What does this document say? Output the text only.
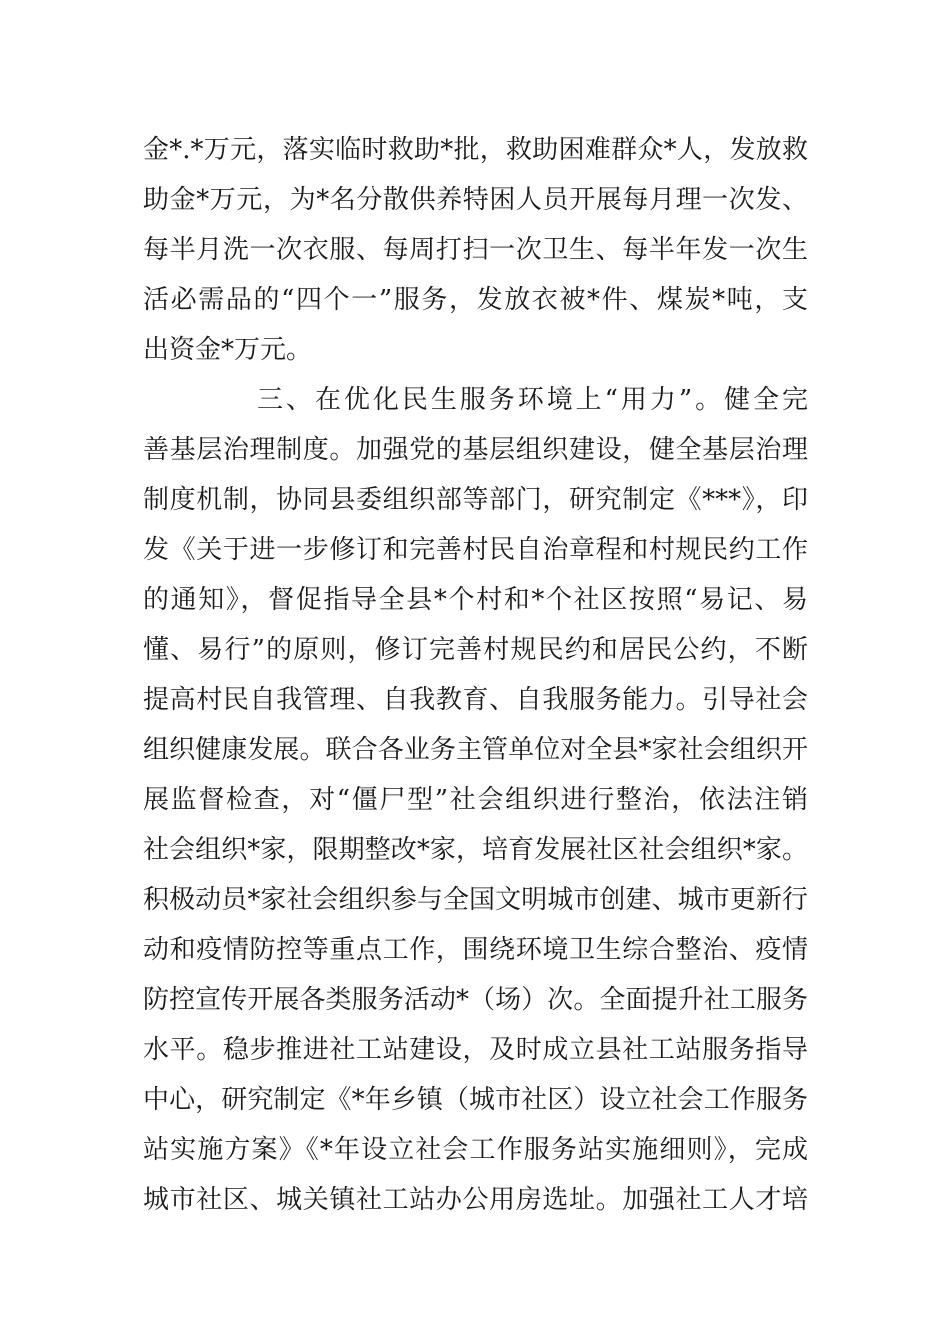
金*.*万元，落实临时救助*批，救助困难群众*人，发放救
助金*万元，为*名分散供养特困人员开展每月理一次发、
每半月洗一次衣服、每周打扫一次卫生、每半年发一次生
活必需品的“四个一”服务，发放衣被*件、煤炭*吨，支
出资金*万元。
三、在优化民生服务环境上“用力”。健全完
善基层治理制度。加强党的基层组织建设，健全基层治理
制度机制，协同县委组织部等部门，研究制定《***》，印
发《关于进一步修订和完善村民自治章程和村规民约工作
的通知》，督促指导全县*个村和*个社区按照“易记、易
懂、易行”的原则，修订完善村规民约和居民公约，不断
提高村民自我管理、自我教育、自我服务能力。引导社会
组织健康发展。联合各业务主管单位对全县*家社会组织开
展监督检查，对“僵尸型”社会组织进行整治，依法注销
社会组织*家，限期整改*家，培育发展社区社会组织*家。
积极动员*家社会组织参与全国文明城市创建、城市更新行
动和疫情防控等重点工作，围绕环境卫生综合整治、疫情
防控宣传开展各类服务活动*（场）次。全面提升社工服务
水平。稳步推进社工站建设，及时成立县社工站服务指导
中心，研究制定《*年乡镇（城市社区）设立社会工作服务
站实施方案》《*年设立社会工作服务站实施细则》，完成
城市社区、城关镇社工站办公用房选址。加强社工人才培
